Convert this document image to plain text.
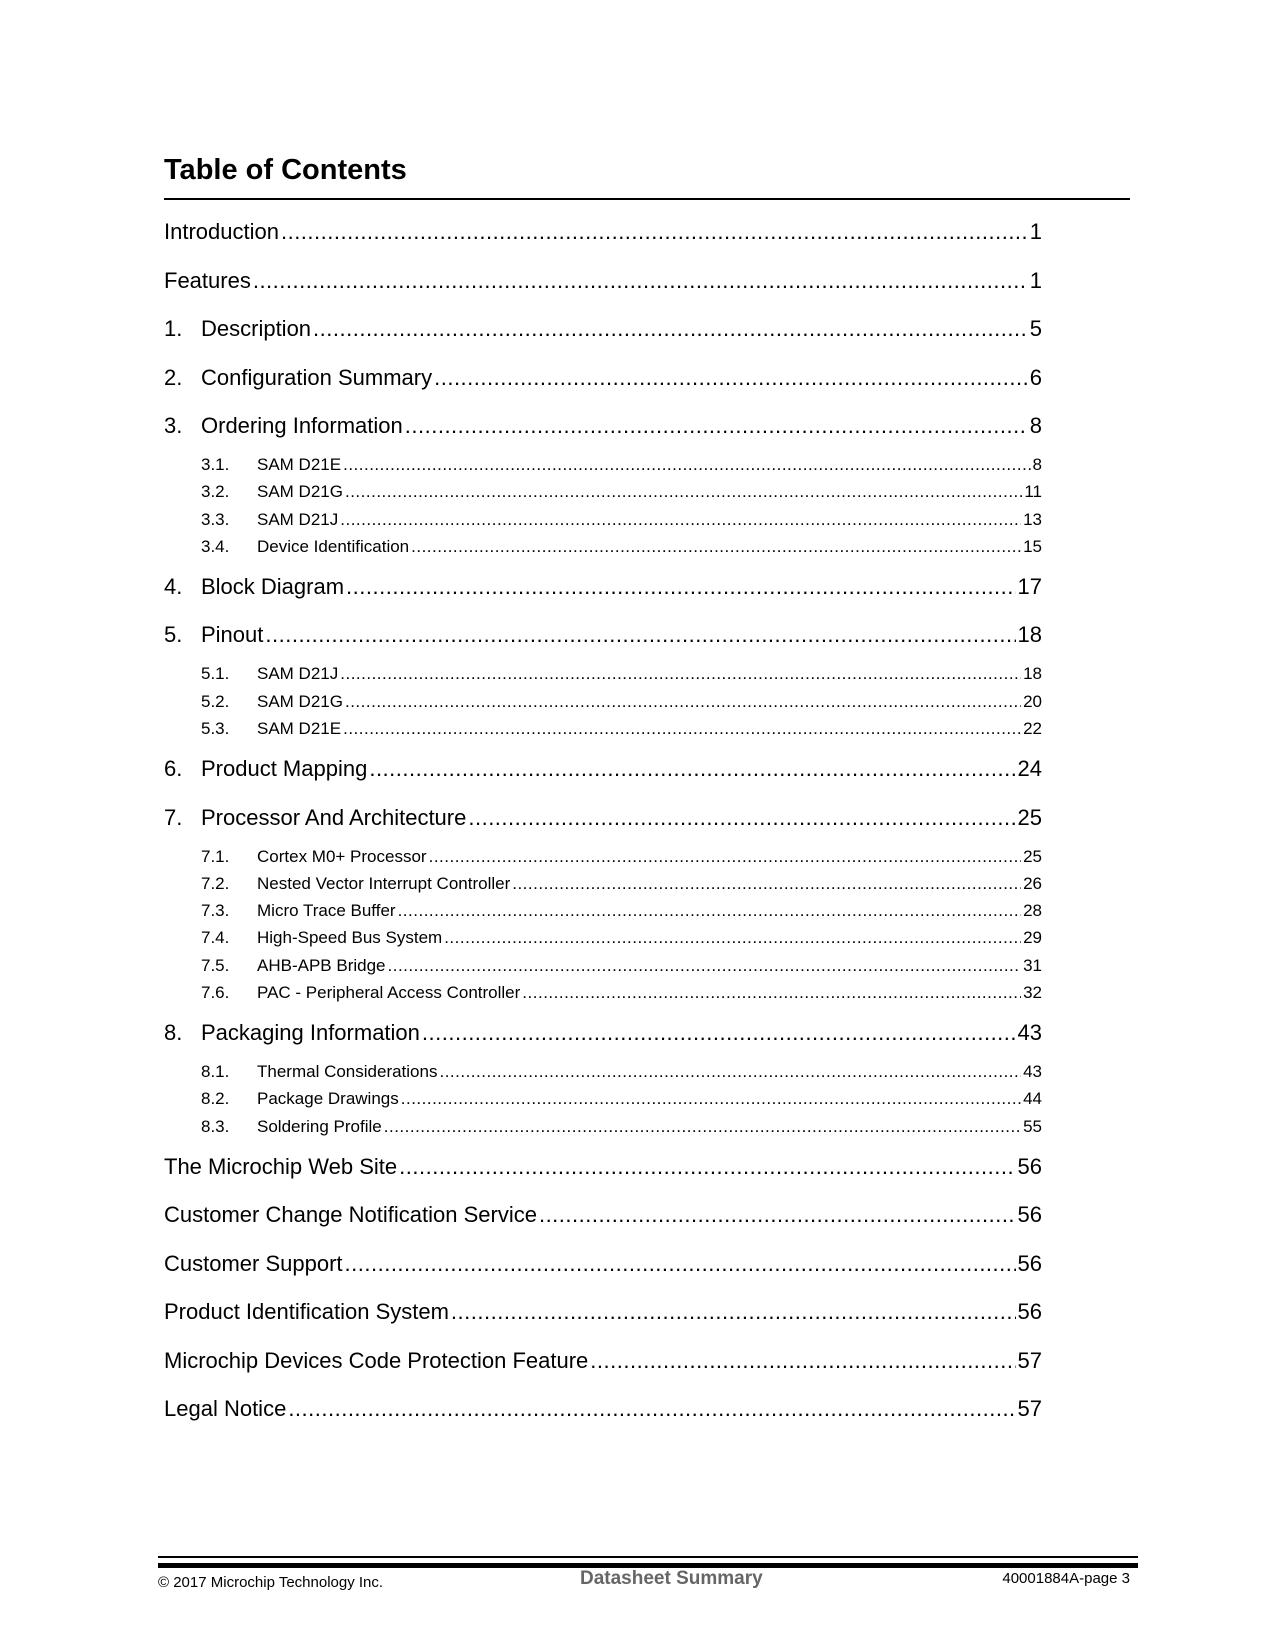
Table of Contents
Introduction .....	1
Features .....	1
1. Description .....	5
2. Configuration Summary .....	6
3. Ordering Information .....	8
3.1.	SAM D21E .....	8
3.2.	SAM D21G .....	11
3.3.	SAM D21J .....	13
3.4.	Device Identification .....	15
4. Block Diagram .....	17
5. Pinout .....	18
5.1.	SAM D21J .....	18
5.2.	SAM D21G .....	20
5.3.	SAM D21E .....	22
6. Product Mapping .....	24
7. Processor And Architecture .....	25
7.1.	Cortex M0+ Processor .....	25
7.2.	Nested Vector Interrupt Controller .....	26
7.3.	Micro Trace Buffer .....	28
7.4.	High-Speed Bus System .....	29
7.5.	AHB-APB Bridge .....	31
7.6.	PAC - Peripheral Access Controller .....	32
8. Packaging Information .....	43
8.1.	Thermal Considerations .....	43
8.2.	Package Drawings .....	44
8.3.	Soldering Profile .....	55
The Microchip Web Site .....	56
Customer Change Notification Service .....	56
Customer Support .....	56
Product Identification System .....	56
Microchip Devices Code Protection Feature .....	57
Legal Notice .....	57
© 2017 Microchip Technology Inc.	Datasheet Summary	40001884A-page 3
